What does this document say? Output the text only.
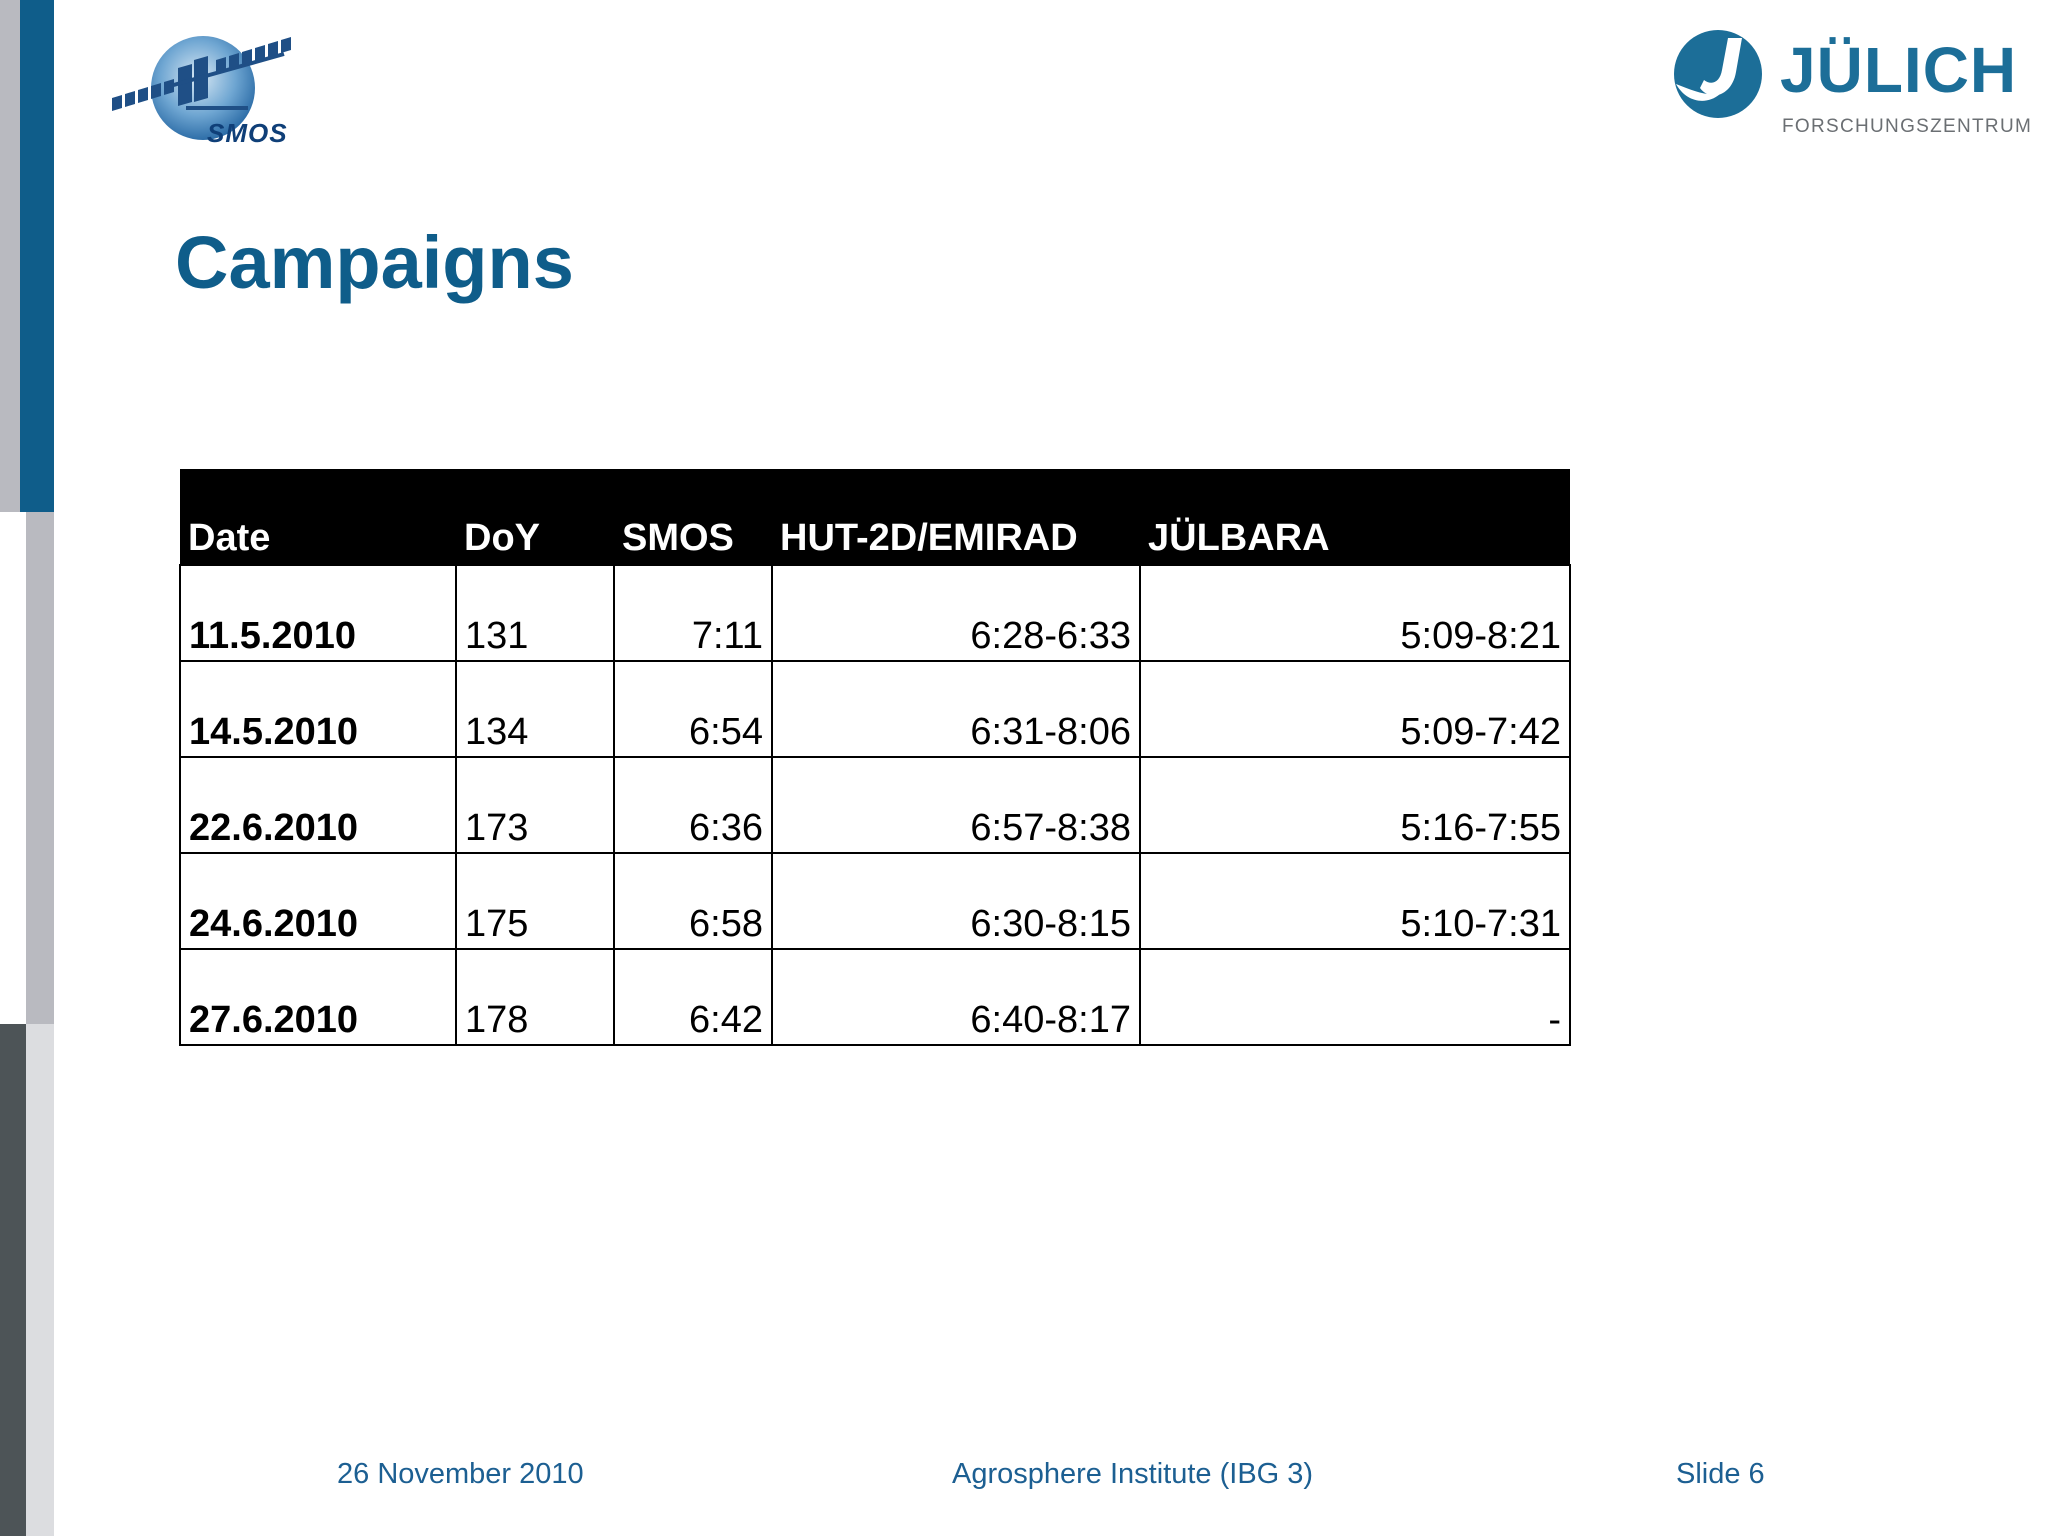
SMOS
JÜLICH
FORSCHUNGSZENTRUM
Campaigns
Date	DoY	SMOS	HUT-2D/EMIRAD	JÜLBARA
11.5.2010	131	7:11	6:28-6:33	5:09-8:21
14.5.2010	134	6:54	6:31-8:06	5:09-7:42
22.6.2010	173	6:36	6:57-8:38	5:16-7:55
24.6.2010	175	6:58	6:30-8:15	5:10-7:31
27.6.2010	178	6:42	6:40-8:17	-
26 November 2010	Agrosphere Institute (IBG 3)	Slide 6
